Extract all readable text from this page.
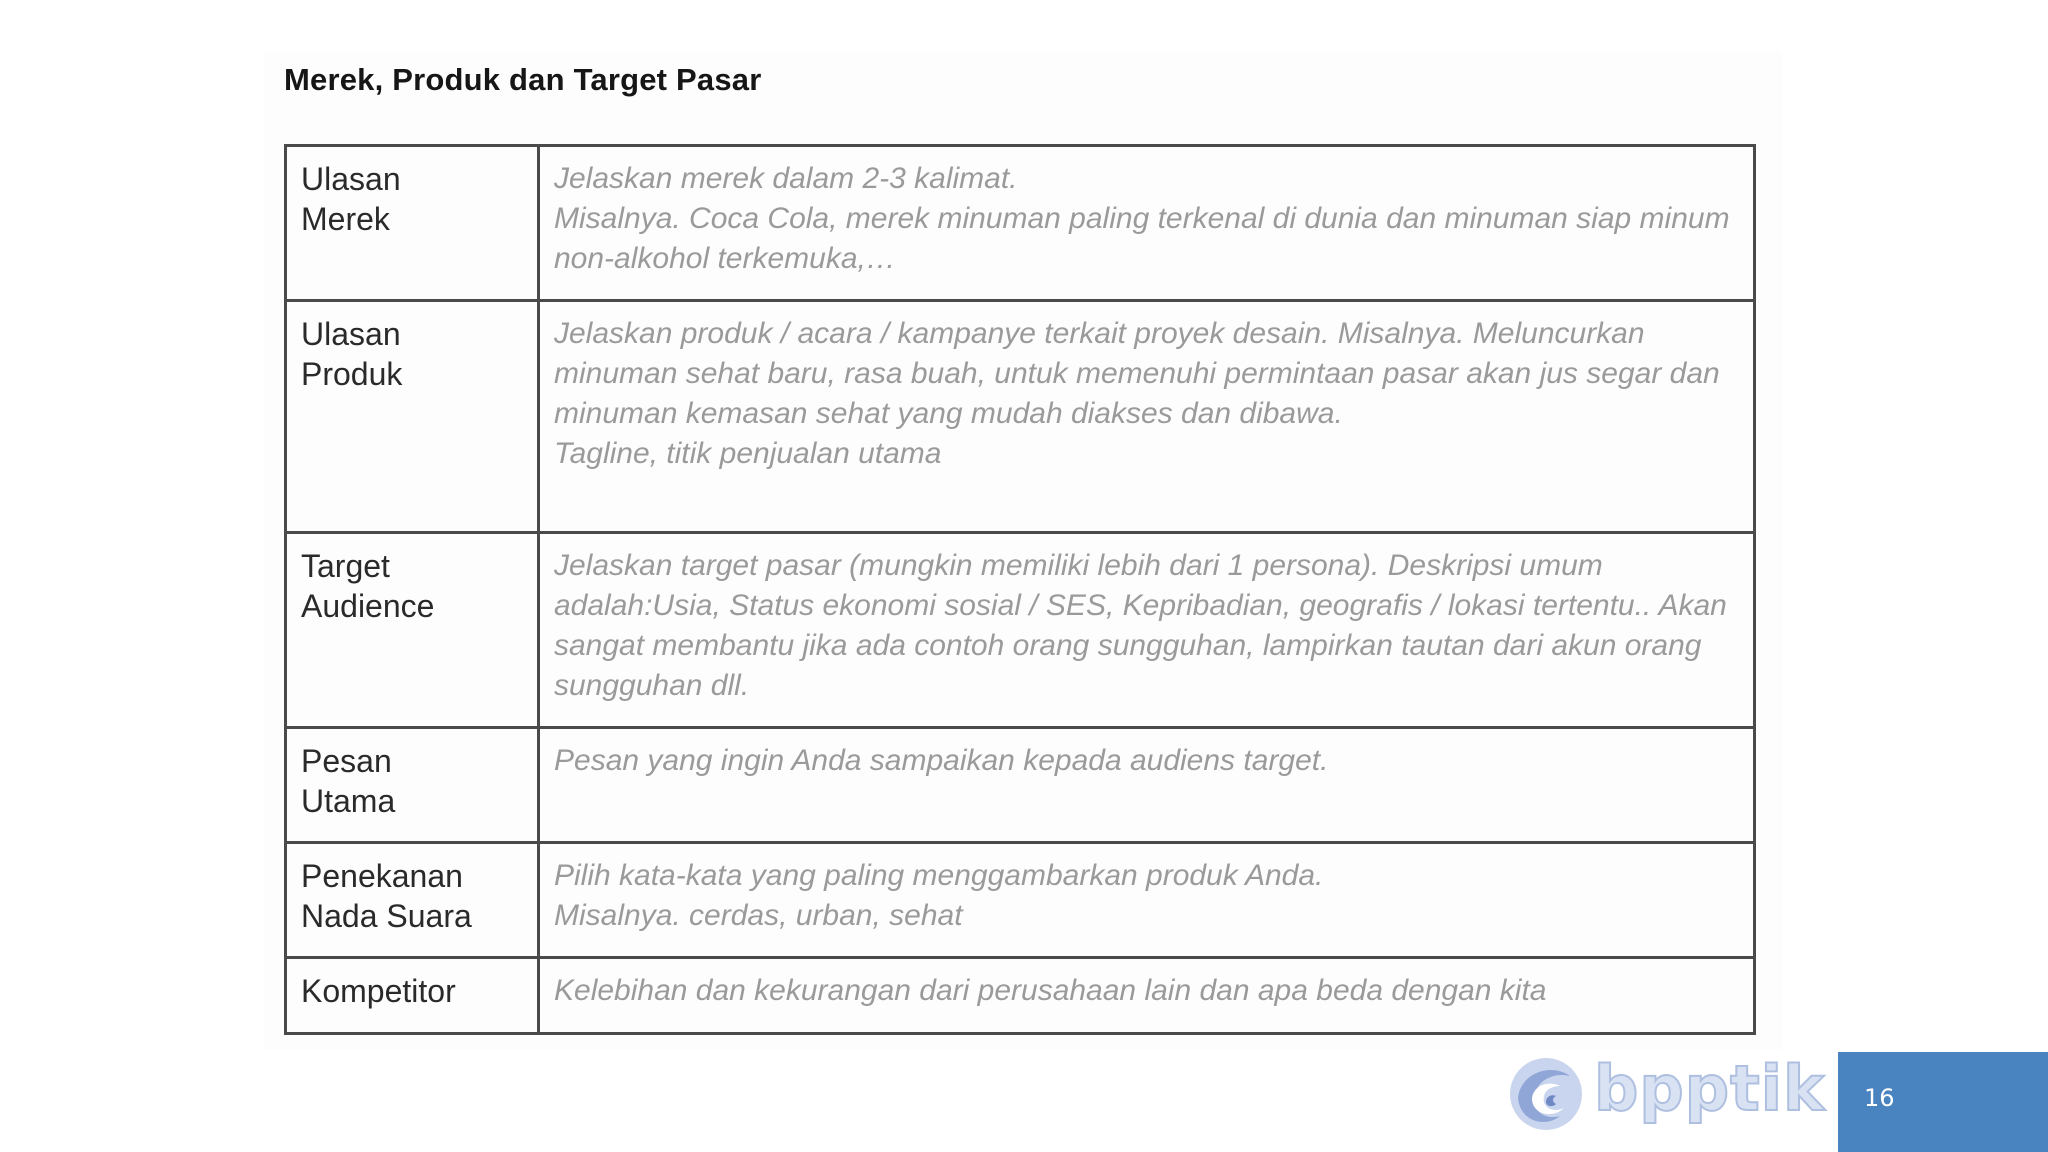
Merek, Produk dan Target Pasar
Ulasan
Merek	Jelaskan merek dalam 2-3 kalimat.
Misalnya. Coca Cola, merek minuman paling terkenal di dunia dan minuman siap minum non-alkohol terkemuka,…
Ulasan
Produk	Jelaskan produk / acara / kampanye terkait proyek desain. Misalnya. Meluncurkan minuman sehat baru, rasa buah, untuk memenuhi permintaan pasar akan jus segar dan minuman kemasan sehat yang mudah diakses dan dibawa.
Tagline, titik penjualan utama
Target
Audience	Jelaskan target pasar (mungkin memiliki lebih dari 1 persona). Deskripsi umum adalah:Usia, Status ekonomi sosial / SES, Kepribadian, geografis / lokasi tertentu.. Akan sangat membantu jika ada contoh orang sungguhan, lampirkan tautan dari akun orang sungguhan dll.
Pesan
Utama	Pesan yang ingin Anda sampaikan kepada audiens target.
Penekanan
Nada Suara	Pilih kata-kata yang paling menggambarkan produk Anda.
Misalnya. cerdas, urban, sehat
Kompetitor	Kelebihan dan kekurangan dari perusahaan lain dan apa beda dengan kita
bpptik 16
